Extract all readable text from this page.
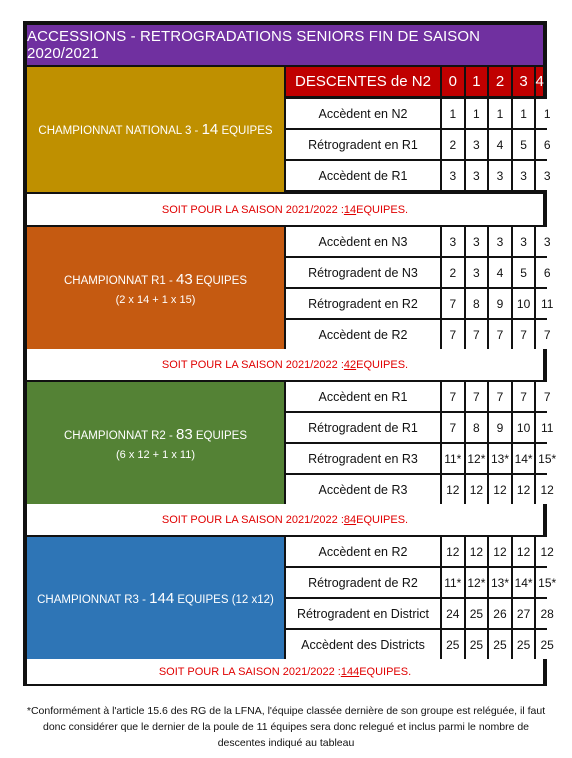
ACCESSIONS - RETROGRADATIONS SENIORS FIN DE SAISON 2020/2021
CHAMPIONNAT NATIONAL 3 - 14 EQUIPES
DESCENTES de N2	0	1	2	3 4
Accèdent en N2	1	1	1	1	1
Rétrogradent en R1	2	3	4	5	6
Accèdent de R1	3	3	3	3	3
SOIT POUR LA SAISON 2021/2022 : 14 EQUIPES.
CHAMPIONNAT R1 - 43 EQUIPES
(2 x 14 + 1 x 15)
Accèdent en N3	3	3	3	3	3
Rétrogradent de N3	2	3	4	5	6
Rétrogradent en R2	7	8	9	10 11
Accèdent de R2	7	7	7	7	7
SOIT POUR LA SAISON 2021/2022 : 42 EQUIPES.
CHAMPIONNAT R2 - 83 EQUIPES
(6 x 12 + 1 x 11)
Accèdent en R1	7	7	7	7	7
Rétrogradent de R1	7	8	9	10 11
Rétrogradent en R3	11* 12* 13* 14* 15*
Accèdent de R3	12 12 12 12 12
SOIT POUR LA SAISON 2021/2022 : 84 EQUIPES.
CHAMPIONNAT R3 - 144 EQUIPES (12 x12)
Accèdent en R2	12 12 12 12 12
Rétrogradent de R2	11* 12* 13* 14* 15*
Rétrogradent en District	24 25 26 27 28
Accèdent des Districts	25 25 25 25 25
SOIT POUR LA SAISON 2021/2022 : 144 EQUIPES.
*Conformément à l'article 15.6 des RG de la LFNA, l'équipe classée dernière de son groupe est reléguée, il faut donc considérer que le dernier de la poule de 11 équipes sera donc relegué et inclus parmi le nombre de descentes indiqué au tableau
